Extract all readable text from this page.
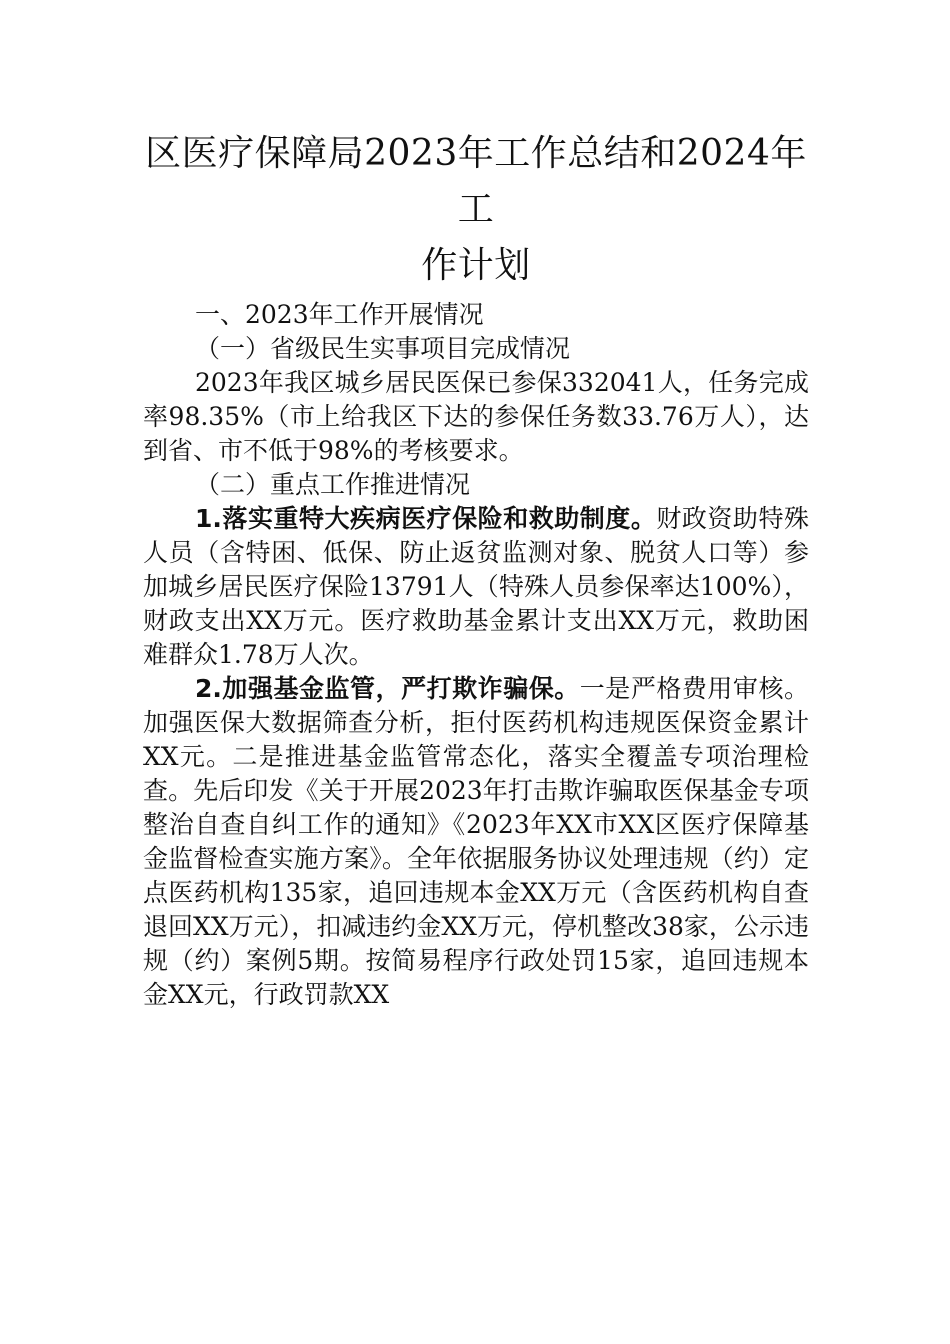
区医疗保障局2023年工作总结和2024年工
作计划

一、2023年工作开展情况

（一）省级民生实事项目完成情况

2023年我区城乡居民医保已参保332041人，任务完成率98.35%（市上给我区下达的参保任务数33.76万人），达到省、市不低于98%的考核要求。

（二）重点工作推进情况

1.落实重特大疾病医疗保险和救助制度。财政资助特殊人员（含特困、低保、防止返贫监测对象、脱贫人口等）参加城乡居民医疗保险13791人（特殊人员参保率达100%），财政支出XX万元。医疗救助基金累计支出XX万元，救助困难群众1.78万人次。

2.加强基金监管，严打欺诈骗保。一是严格费用审核。加强医保大数据筛查分析，拒付医药机构违规医保资金累计XX元。二是推进基金监管常态化，落实全覆盖专项治理检查。先后印发《关于开展2023年打击欺诈骗取医保基金专项整治自查自纠工作的通知》《2023年XX市XX区医疗保障基金监督检查实施方案》。全年依据服务协议处理违规（约）定点医药机构135家，追回违规本金XX万元（含医药机构自查退回XX万元），扣减违约金XX万元，停机整改38家，公示违规（约）案例5期。按简易程序行政处罚15家，追回违规本金XX元，行政罚款XX
